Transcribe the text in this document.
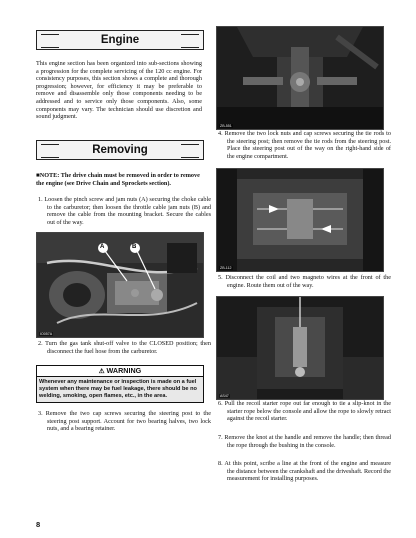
Engine
This engine section has been organized into sub-sections showing a progression for the complete servicing of the 120 cc engine. For consistency purposes, this section shows a complete and thorough progression; however, for efficiency it may be preferable to remove and disassemble only those components needing to be addressed and to service only those components. Also, some components may vary. The technician should use discretion and sound judgment.
Removing
■NOTE: The drive chain must be removed in order to remove the engine (see Drive Chain and Sprockets section).
1. Loosen the pinch screw and jam nuts (A) securing the choke cable to the carburetor; then loosen the throttle cable jam nuts (B) and remove the cable from the mounting bracket. Secure the cables out of the way.
A	B
IO057A
2. Turn the gas tank shut-off valve to the CLOSED position; then disconnect the fuel hose from the carburetor.
⚠ WARNING
Whenever any maintenance or inspection is made on a fuel system when there may be fuel leakage, there should be no welding, smoking, open flames, etc., in the area.
3. Remove the two cap screws securing the steering post to the steering post support. Account for two bearing halves, two lock nuts, and a bearing retainer.
8
ZB-551
4. Remove the two lock nuts and cap screws securing the tie rods to the steering post; then remove the tie rods from the steering post. Place the steering post out of the way on the right-hand side of the engine compartment.
ZB-112
5. Disconnect the coil and two magneto wires at the front of the engine. Route them out of the way.
AS47
6. Pull the recoil starter rope out far enough to tie a slip-knot in the starter rope below the console and allow the rope to slowly retract against the recoil starter.
7. Remove the knot at the handle and remove the handle; then thread the rope through the bushing in the console.
8. At this point, scribe a line at the front of the engine and measure the distance between the crankshaft and the driveshaft. Record the measurement for installing purposes.
